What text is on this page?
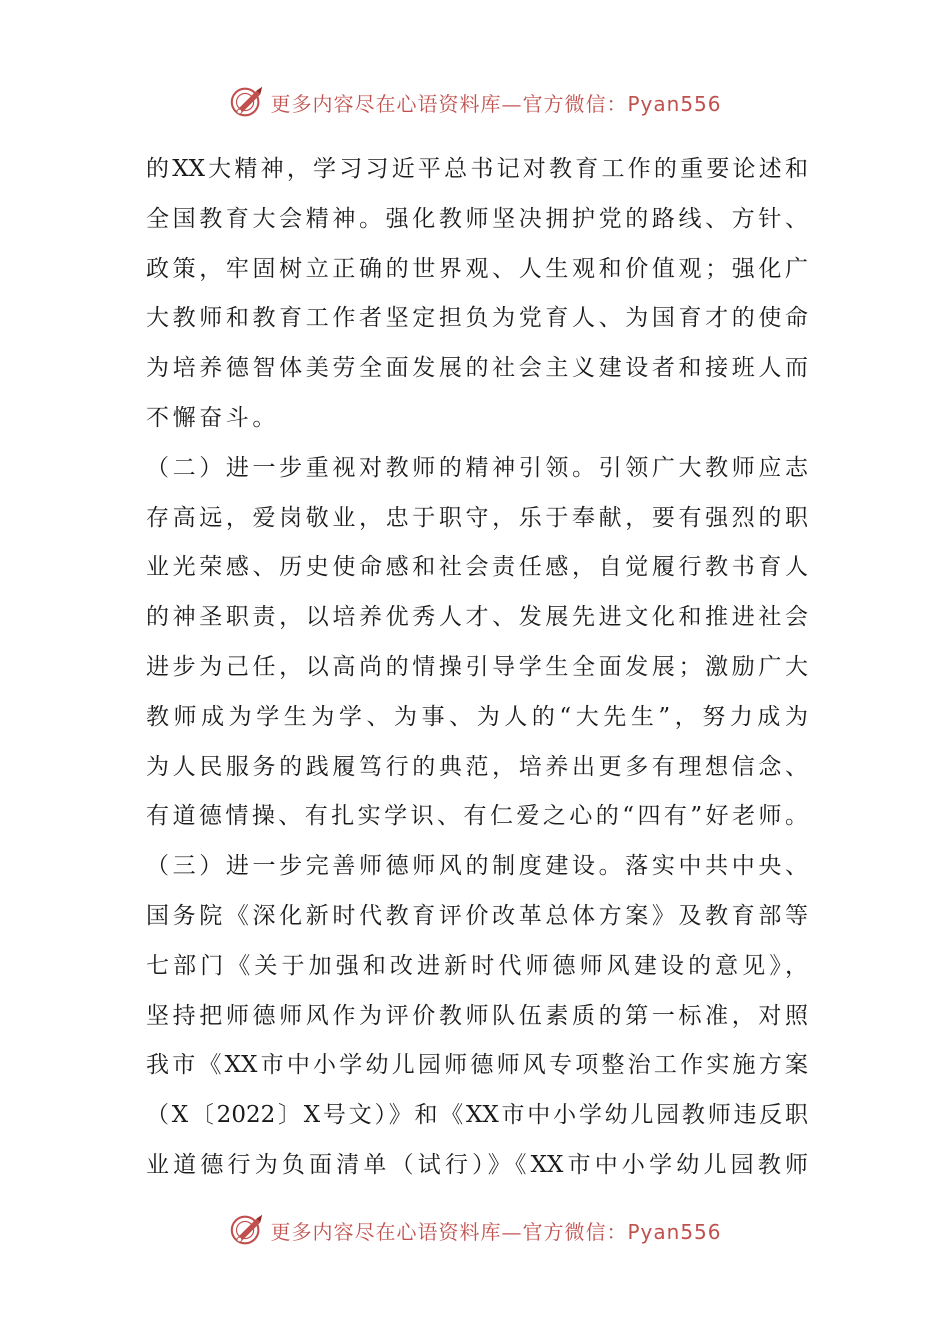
更多内容尽在心语资料库—官方微信：Pyan556
的XX大精神，学习习近平总书记对教育工作的重要论述和
全国教育大会精神。强化教师坚决拥护党的路线、方针、
政策，牢固树立正确的世界观、人生观和价值观；强化广
大教师和教育工作者坚定担负为党育人、为国育才的使命
为培养德智体美劳全面发展的社会主义建设者和接班人而
不懈奋斗。
（二）进一步重视对教师的精神引领。引领广大教师应志
存高远，爱岗敬业，忠于职守，乐于奉献，要有强烈的职
业光荣感、历史使命感和社会责任感，自觉履行教书育人
的神圣职责，以培养优秀人才、发展先进文化和推进社会
进步为己任，以高尚的情操引导学生全面发展；激励广大
教师成为学生为学、为事、为人的“大先生”，努力成为
为人民服务的践履笃行的典范，培养出更多有理想信念、
有道德情操、有扎实学识、有仁爱之心的“四有”好老师。
（三）进一步完善师德师风的制度建设。落实中共中央、
国务院《深化新时代教育评价改革总体方案》及教育部等
七部门《关于加强和改进新时代师德师风建设的意见》，
坚持把师德师风作为评价教师队伍素质的第一标准，对照
我市《XX市中小学幼儿园师德师风专项整治工作实施方案
（X〔2022〕X号文）》和《XX市中小学幼儿园教师违反职
业道德行为负面清单（试行）》《XX市中小学幼儿园教师
更多内容尽在心语资料库—官方微信：Pyan556
